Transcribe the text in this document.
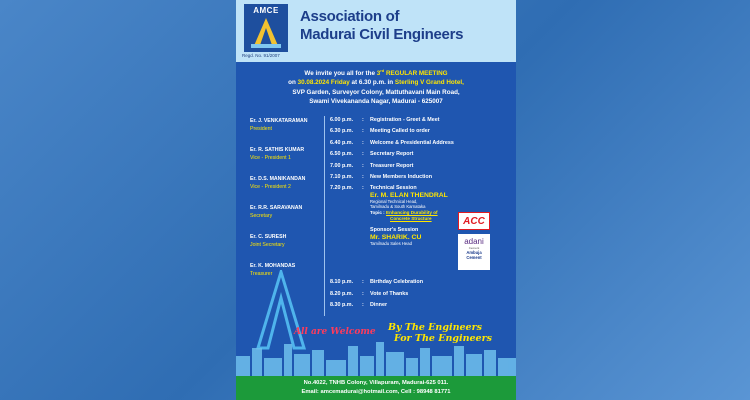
AMCE
Regd. No. 91/2007
Association of
Madurai Civil Engineers
We invite you all for the 3rd REGULAR MEETING
on 30.08.2024 Friday at 6.30 p.m. in Sterling V Grand Hotel,
SVP Garden, Surveyor Colony, Mattuthavani Main Road,
Swami Vivekananda Nagar, Madurai - 625007
Er. J. VENKATARAMAN
President
Er. R. SATHIS KUMAR
Vice - President 1
Er. D.S. MANIKANDAN
Vice - President 2
Er. R.R. SARAVANAN
Secretary
Er. C. SURESH
Joint Secretary
Er. K. MOHANDAS
Treasurer
6.00 p.m.	: Registration - Greet & Meet
6.30 p.m.	: Meeting Called to order
6.40 p.m.	: Welcome & Presidential Address
6.50 p.m.	: Secretary Report
7.00 p.m.	: Treasurer Report
7.10 p.m.	: New Members Induction
7.20 p.m.	: Technical Session
Er. M. ELAN THENDRAL
Regional Technical Head,
Tamilnadu & South Karnataka
Topic : Enhancing Durability of
Concrete Structure
Sponsor's Session
Mr. SHARIK. CU
Tamilnadu Sales Head
8.10 p.m.	: Birthday Celebration
8.20 p.m.	: Vote of Thanks
8.30 p.m.	: Dinner
ACC
adani
Cement
Ambuja
Cement
All are Welcome By The Engineers
For The Engineers
No.4022, TNHB Colony, Villapuram, Madurai-625 011.
Email: amcemadurai@hotmail.com, Cell : 98948 81771
